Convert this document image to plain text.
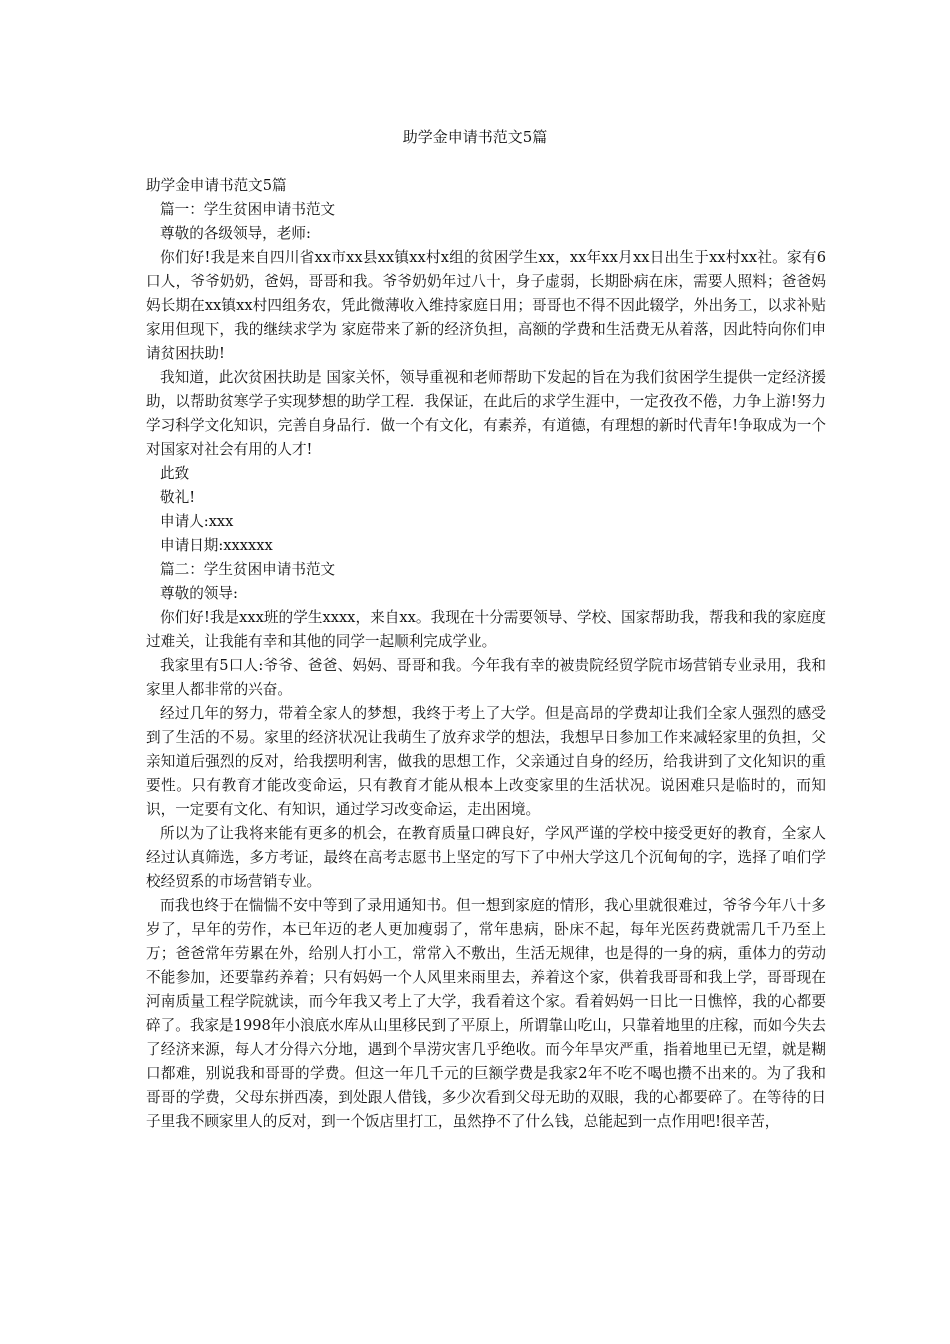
助学金申请书范文5篇

助学金申请书范文5篇

篇一：学生贫困申请书范文

尊敬的各级领导，老师:

你们好!我是来自四川省xx市xx县xx镇xx村x组的贫困学生xx，xx年xx月xx日出生于xx村xx社。家有6口人，爷爷奶奶，爸妈，哥哥和我。爷爷奶奶年过八十，身子虚弱，长期卧病在床，需要人照料；爸爸妈妈长期在xx镇xx村四组务农，凭此微薄收入维持家庭日用；哥哥也不得不因此辍学，外出务工，以求补贴家用但现下，我的继续求学为 家庭带来了新的经济负担，高额的学费和生活费无从着落，因此特向你们申请贫困扶助!

我知道，此次贫困扶助是 国家关怀，领导重视和老师帮助下发起的旨在为我们贫困学生提供一定经济援助，以帮助贫寒学子实现梦想的助学工程．我保证，在此后的求学生涯中，一定孜孜不倦，力争上游!努力学习科学文化知识，完善自身品行．做一个有文化，有素养，有道德，有理想的新时代青年!争取成为一个对国家对社会有用的人才!

此致

敬礼!

申请人:xxx

申请日期:xxxxxx

篇二：学生贫困申请书范文

尊敬的领导:

你们好!我是xxx班的学生xxxx，来自xx。我现在十分需要领导、学校、国家帮助我，帮我和我的家庭度过难关，让我能有幸和其他的同学一起顺利完成学业。

我家里有5口人:爷爷、爸爸、妈妈、哥哥和我。今年我有幸的被贵院经贸学院市场营销专业录用，我和家里人都非常的兴奋。

经过几年的努力，带着全家人的梦想，我终于考上了大学。但是高昂的学费却让我们全家人强烈的感受到了生活的不易。家里的经济状况让我萌生了放弃求学的想法，我想早日参加工作来减轻家里的负担，父亲知道后强烈的反对，给我摆明利害，做我的思想工作，父亲通过自身的经历，给我讲到了文化知识的重要性。只有教育才能改变命运，只有教育才能从根本上改变家里的生活状况。说困难只是临时的，而知识，一定要有文化、有知识，通过学习改变命运，走出困境。

所以为了让我将来能有更多的机会，在教育质量口碑良好，学风严谨的学校中接受更好的教育，全家人经过认真筛选，多方考证，最终在高考志愿书上坚定的写下了中州大学这几个沉甸甸的字，选择了咱们学校经贸系的市场营销专业。

而我也终于在惴惴不安中等到了录用通知书。但一想到家庭的情形，我心里就很难过，爷爷今年八十多岁了，早年的劳作，本已年迈的老人更加瘦弱了，常年患病，卧床不起，每年光医药费就需几千乃至上万；爸爸常年劳累在外，给别人打小工，常常入不敷出，生活无规律，也是得的一身的病，重体力的劳动不能参加，还要靠药养着；只有妈妈一个人风里来雨里去，养着这个家，供着我哥哥和我上学，哥哥现在河南质量工程学院就读，而今年我又考上了大学，我看着这个家。看着妈妈一日比一日憔悴，我的心都要碎了。我家是1998年小浪底水库从山里移民到了平原上，所谓靠山吃山，只靠着地里的庄稼，而如今失去了经济来源，每人才分得六分地，遇到个旱涝灾害几乎绝收。而今年旱灾严重，指着地里已无望，就是糊口都难，别说我和哥哥的学费。但这一年几千元的巨额学费是我家2年不吃不喝也攒不出来的。为了我和哥哥的学费，父母东拼西凑，到处跟人借钱，多少次看到父母无助的双眼，我的心都要碎了。在等待的日子里我不顾家里人的反对，到一个饭店里打工，虽然挣不了什么钱，总能起到一点作用吧!很辛苦，
